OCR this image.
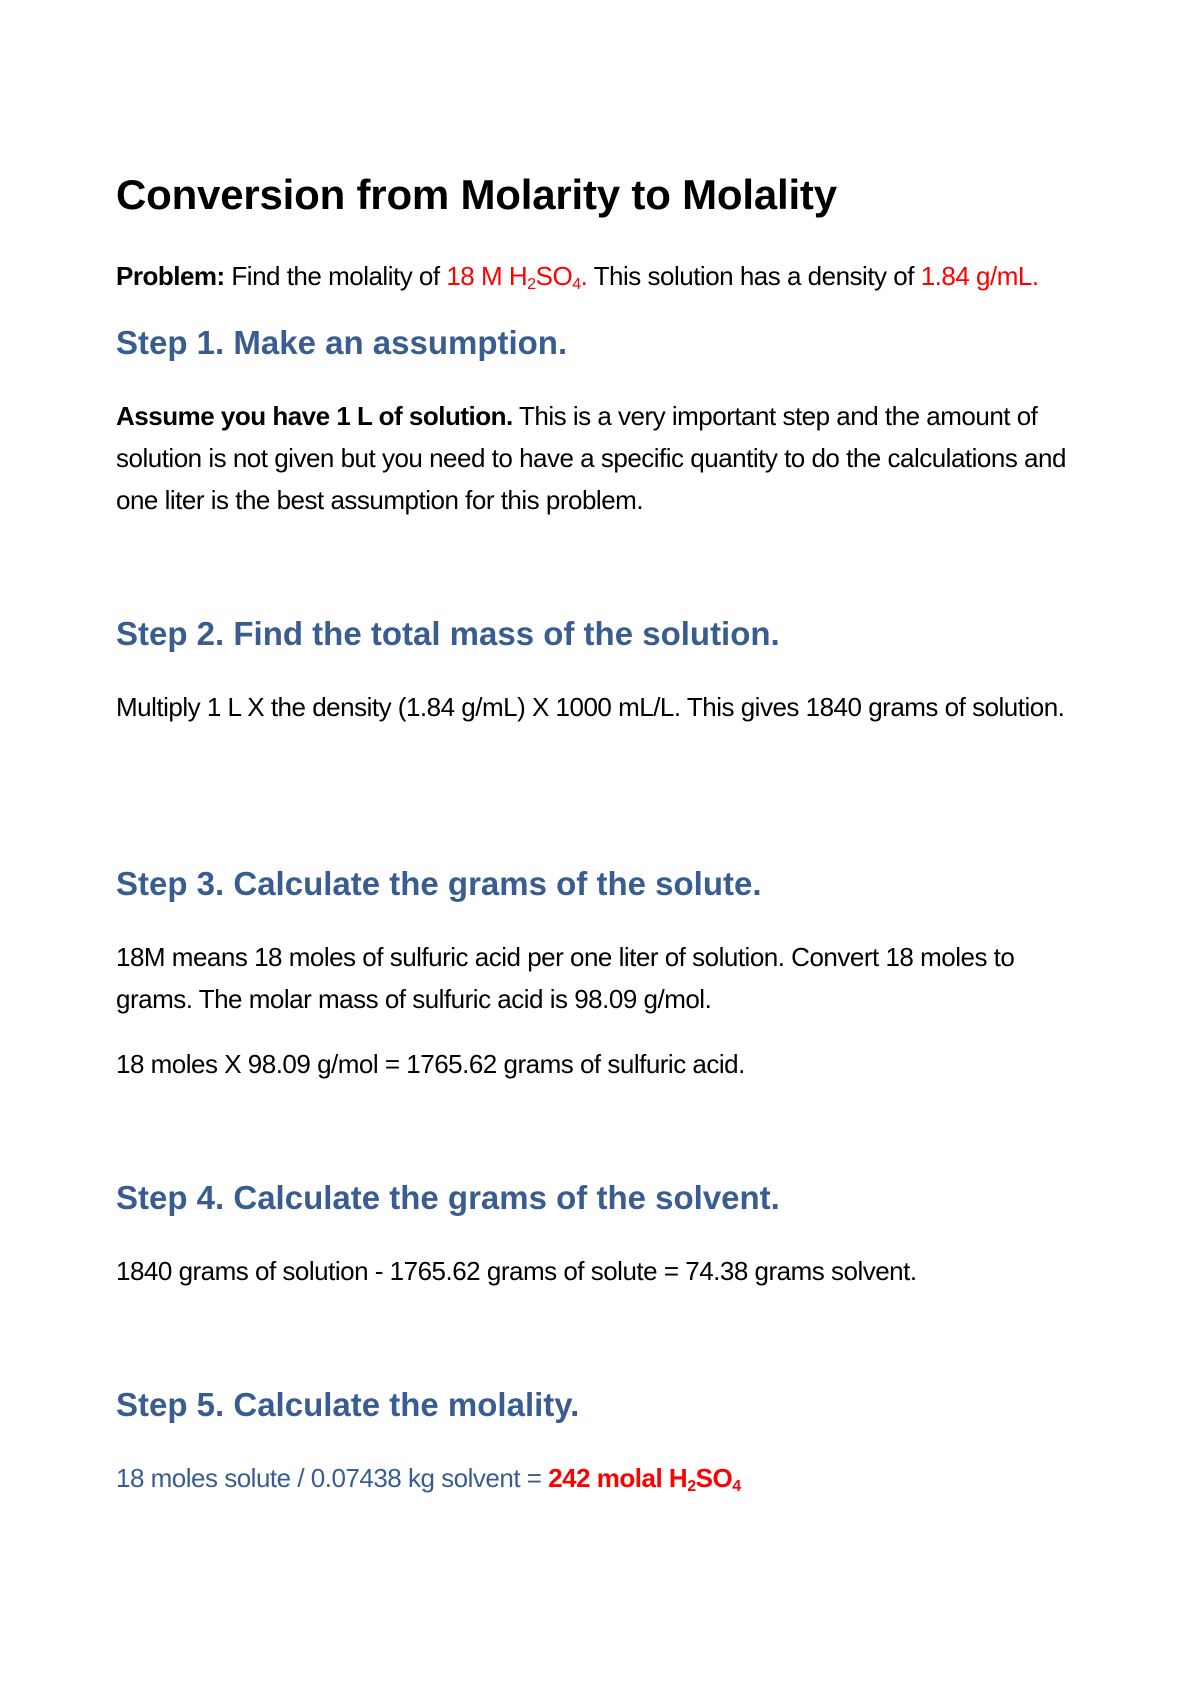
Conversion from Molarity to Molality

Problem: Find the molality of 18 M $H_2SO_4$. This solution has a density of 1.84 g/mL.

Step 1. Make an assumption.

Assume you have 1 L of solution. This is a very important step and the amount of solution is not given but you need to have a specific quantity to do the calculations and one liter is the best assumption for this problem.

Step 2. Find the total mass of the solution.

Multiply 1 L X the density (1.84 g/mL) X 1000 mL/L. This gives 1840 grams of solution.

Step 3. Calculate the grams of the solute.

18M means 18 moles of sulfuric acid per one liter of solution. Convert 18 moles to grams. The molar mass of sulfuric acid is 98.09 g/mol.

18 moles X 98.09 g/mol = 1765.62 grams of sulfuric acid.

Step 4. Calculate the grams of the solvent.

1840 grams of solution - 1765.62 grams of solute = 74.38 grams solvent.

Step 5. Calculate the molality.

18 moles solute / 0.07438 kg solvent = 242 molal $H_2SO_4$
